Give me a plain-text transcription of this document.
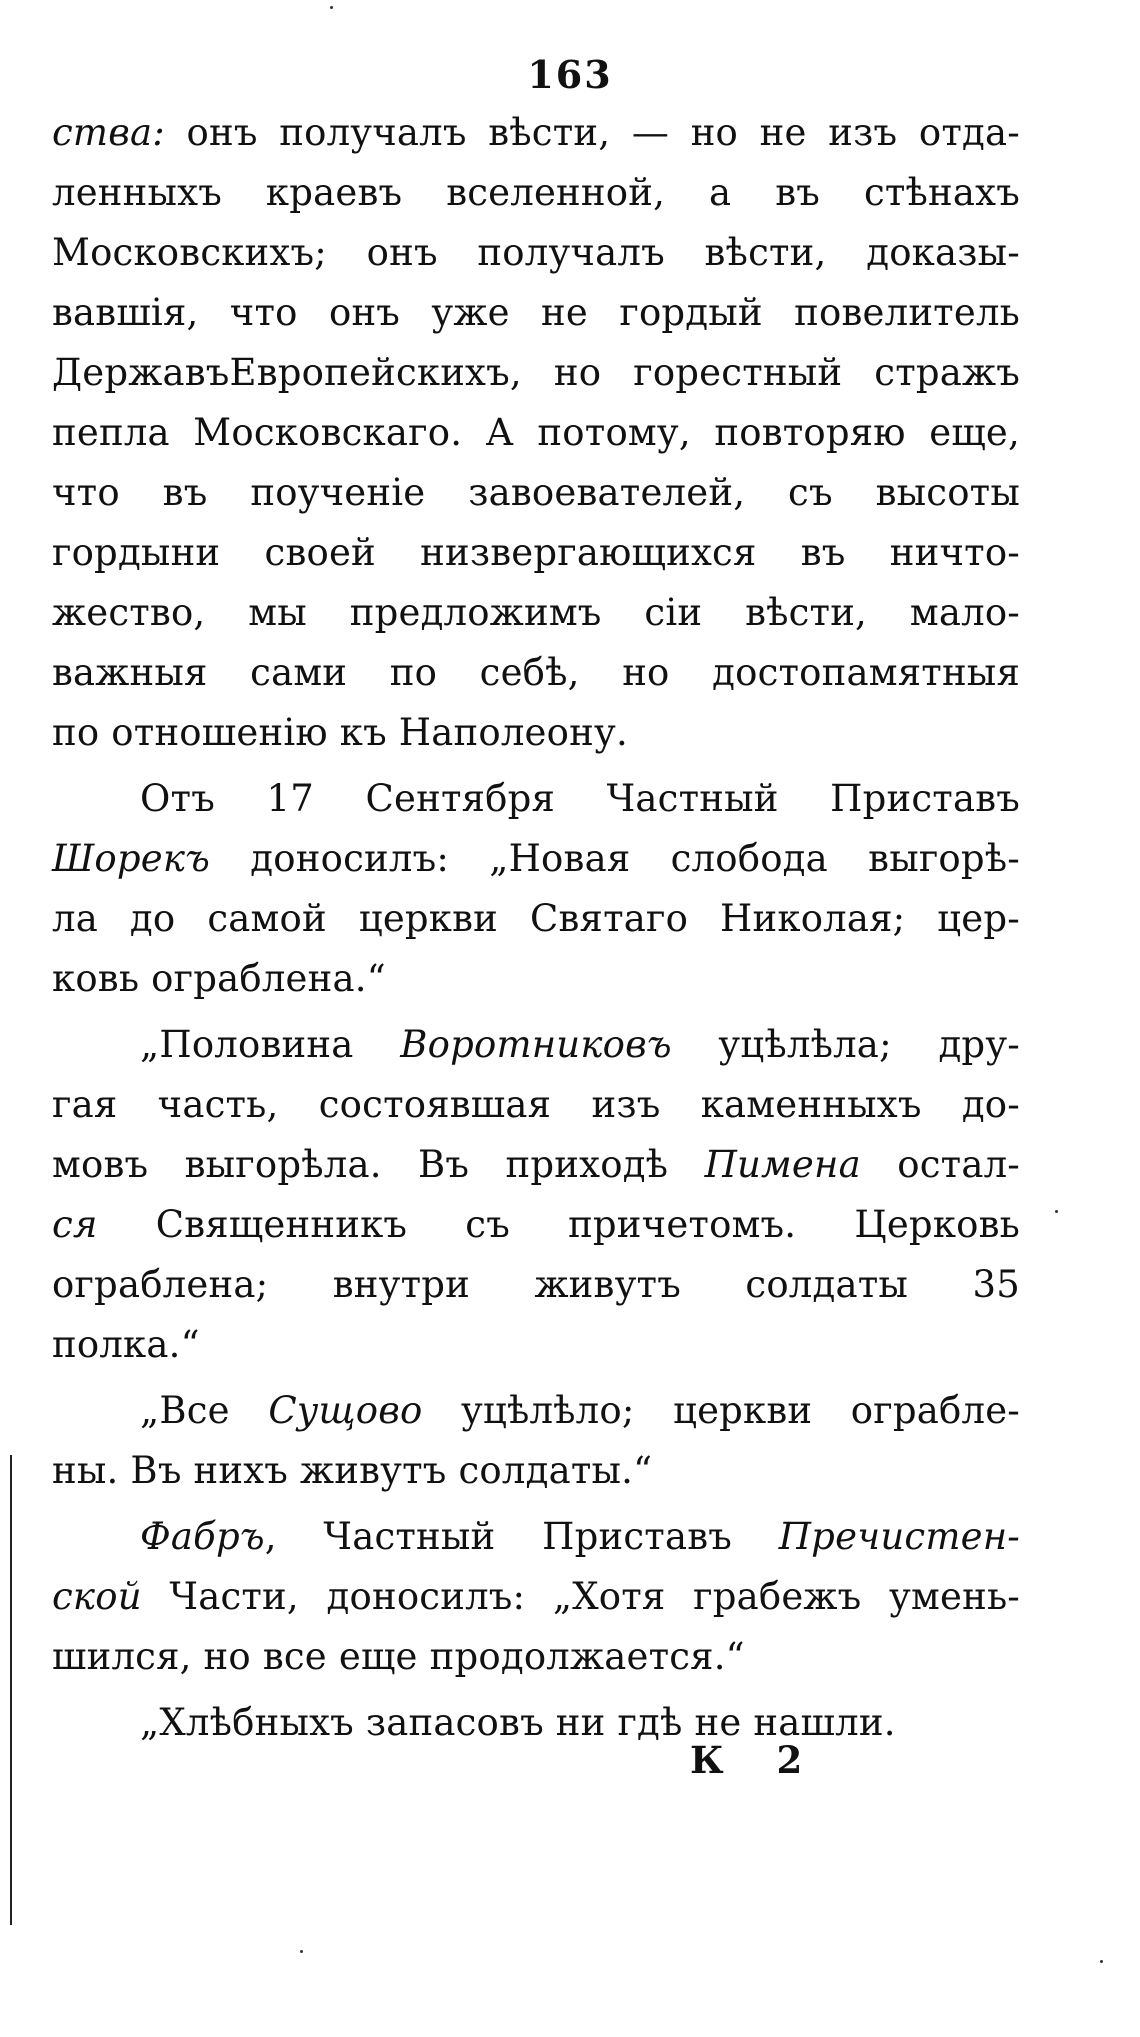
163
ства: онъ получалъ вѣсти, — но не изъ отда-
ленныхъ краевъ вселенной, а въ стѣнахъ
Московскихъ; онъ получалъ вѣсти, доказы-
вавшія, что онъ уже не гордый повелитель
ДержавъЕвропейскихъ, но горестный стражъ
пепла Московскаго. А потому, повторяю еще,
что въ поученіе завоевателей, съ высоты
гордыни своей низвергающихся въ ничто-
жество, мы предложимъ сіи вѣсти, мало-
важныя сами по себѣ, но достопамятныя
по отношенію къ Наполеону.
Отъ 17 Сентября Частный Приставъ
Шорекъ доносилъ: „Новая слобода выгорѣ-
ла до самой церкви Святаго Николая; цер-
ковь ограблена.“
„Половина Воротниковъ уцѣлѣла; дру-
гая часть, состоявшая изъ каменныхъ до-
мовъ выгорѣла. Въ приходѣ Пимена остал-
ся Священникъ съ причетомъ. Церковь
ограблена; внутри живутъ солдаты 35
полка.“
„Все Сущово уцѣлѣло; церкви ограбле-
ны. Въ нихъ живутъ солдаты.“
Фабръ, Частный Приставъ Пречистен-
ской Части, доносилъ: „Хотя грабежъ умень-
шился, но все еще продолжается.“
„Хлѣбныхъ запасовъ ни гдѣ не нашли.
К 2
